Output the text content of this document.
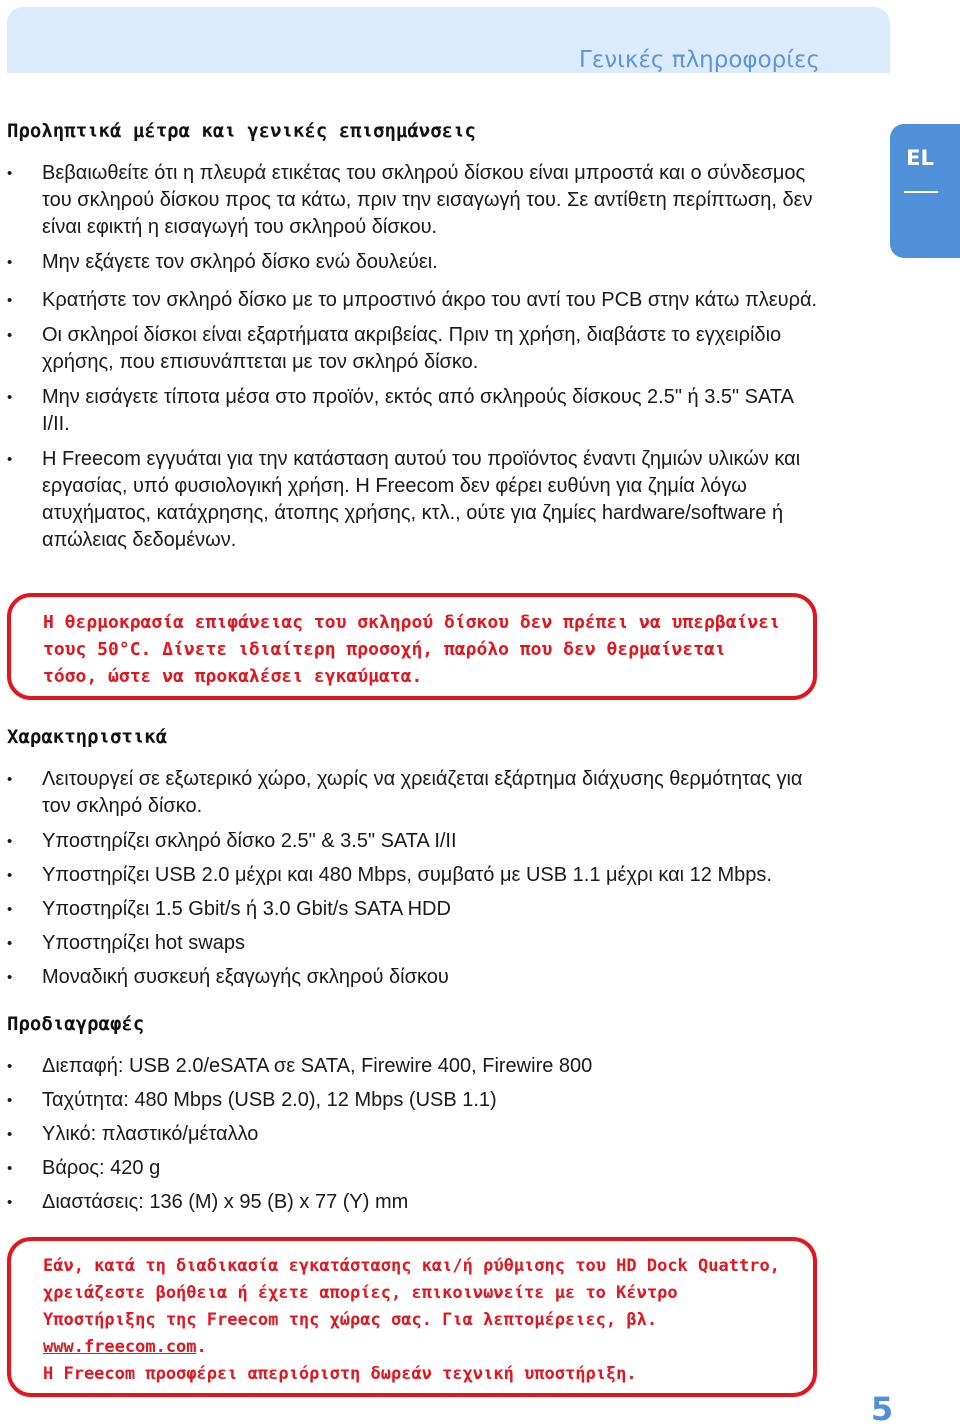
Γενικές πληροφορίες
EL
Προληπτικά μέτρα και γενικές επισημάνσεις
• Βεβαιωθείτε ότι η πλευρά ετικέτας του σκληρού δίσκου είναι μπροστά και ο σύνδεσμος του σκληρού δίσκου προς τα κάτω, πριν την εισαγωγή του. Σε αντίθετη περίπτωση, δεν είναι εφικτή η εισαγωγή του σκληρού δίσκου.
• Μην εξάγετε τον σκληρό δίσκο ενώ δουλεύει.
• Κρατήστε τον σκληρό δίσκο με το μπροστινό άκρο του αντί του PCB στην κάτω πλευρά.
• Οι σκληροί δίσκοι είναι εξαρτήματα ακριβείας. Πριν τη χρήση, διαβάστε το εγχειρίδιο χρήσης, που επισυνάπτεται με τον σκληρό δίσκο.
• Μην εισάγετε τίποτα μέσα στο προϊόν, εκτός από σκληρούς δίσκους 2.5" ή 3.5" SATA I/II.
• Η Freecom εγγυάται για την κατάσταση αυτού του προϊόντος έναντι ζημιών υλικών και εργασίας, υπό φυσιολογική χρήση. Η Freecom δεν φέρει ευθύνη για ζημία λόγω ατυχήματος, κατάχρησης, άτοπης χρήσης, κτλ., ούτε για ζημίες hardware/software ή απώλειας δεδομένων.

Η θερμοκρασία επιφάνειας του σκληρού δίσκου δεν πρέπει να υπερβαίνει τους 50°C. Δίνετε ιδιαίτερη προσοχή, παρόλο που δεν θερμαίνεται τόσο, ώστε να προκαλέσει εγκαύματα.

Χαρακτηριστικά
• Λειτουργεί σε εξωτερικό χώρο, χωρίς να χρειάζεται εξάρτημα διάχυσης θερμότητας για τον σκληρό δίσκο.
• Υποστηρίζει σκληρό δίσκο 2.5" & 3.5" SATA I/II
• Υποστηρίζει USB 2.0 μέχρι και 480 Mbps, συμβατό με USB 1.1 μέχρι και 12 Mbps.
• Υποστηρίζει 1.5 Gbit/s ή 3.0 Gbit/s SATA HDD
• Υποστηρίζει hot swaps
• Μοναδική συσκευή εξαγωγής σκληρού δίσκου
Προδιαγραφές
• Διεπαφή: USB 2.0/eSATA σε SATA, Firewire 400, Firewire 800
• Ταχύτητα: 480 Mbps (USB 2.0), 12 Mbps (USB 1.1)
• Υλικό: πλαστικό/μέταλλο
• Βάρος: 420 g
• Διαστάσεις: 136 (M) x 95 (B) x 77 (Y) mm

Εάν, κατά τη διαδικασία εγκατάστασης και/ή ρύθμισης του HD Dock Quattro, χρειάζεστε βοήθεια ή έχετε απορίες, επικοινωνείτε με το Κέντρο Υποστήριξης της Freecom της χώρας σας. Για λεπτομέρειες, βλ. www.freecom.com.

Η Freecom προσφέρει απεριόριστη δωρεάν τεχνική υποστήριξη.

5
